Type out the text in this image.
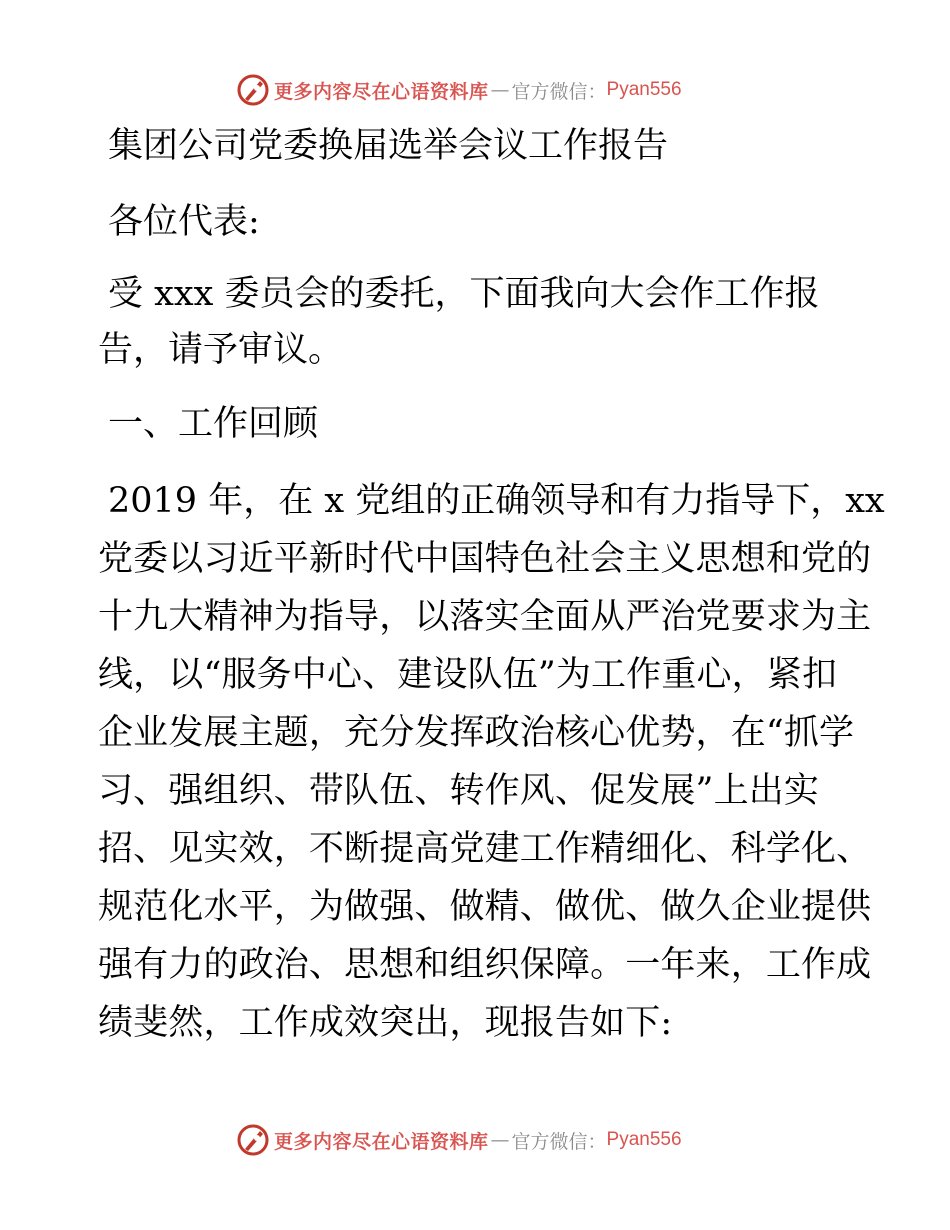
更多内容尽在心语资料库 — 官方微信： Pyan556
集团公司党委换届选举会议工作报告
各位代表:
受 xxx 委员会的委托，下面我向大会作工作报
告，请予审议。
一、工作回顾
2019 年，在 x 党组的正确领导和有力指导下，xx
党委以习近平新时代中国特色社会主义思想和党的
十九大精神为指导，以落实全面从严治党要求为主
线，以“服务中心、建设队伍”为工作重心，紧扣
企业发展主题，充分发挥政治核心优势，在“抓学
习、强组织、带队伍、转作风、促发展”上出实
招、见实效，不断提高党建工作精细化、科学化、
规范化水平，为做强、做精、做优、做久企业提供
强有力的政治、思想和组织保障。一年来，工作成
绩斐然，工作成效突出，现报告如下:
更多内容尽在心语资料库 — 官方微信： Pyan556
